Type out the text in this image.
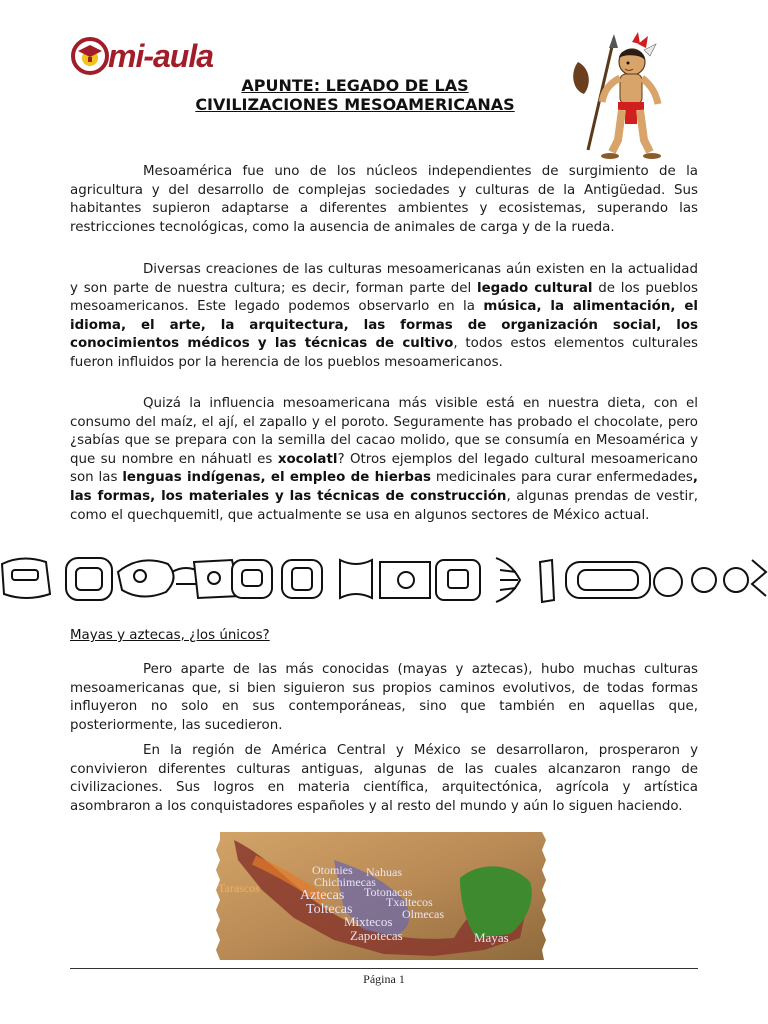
mi-aula
APUNTE: LEGADO DE LAS
CIVILIZACIONES MESOAMERICANAS

Mesoamérica fue uno de los núcleos independientes de surgimiento de la agricultura y del desarrollo de complejas sociedades y culturas de la Antigüedad. Sus habitantes supieron adaptarse a diferentes ambientes y ecosistemas, superando las restricciones tecnológicas, como la ausencia de animales de carga y de la rueda.

Diversas creaciones de las culturas mesoamericanas aún existen en la actualidad y son parte de nuestra cultura; es decir, forman parte del legado cultural de los pueblos mesoamericanos. Este legado podemos observarlo en la música, la alimentación, el idioma, el arte, la arquitectura, las formas de organización social, los conocimientos médicos y las técnicas de cultivo, todos estos elementos culturales fueron influidos por la herencia de los pueblos mesoamericanos.

Quizá la influencia mesoamericana más visible está en nuestra dieta, con el consumo del maíz, el ají, el zapallo y el poroto. Seguramente has probado el chocolate, pero ¿sabías que se prepara con la semilla del cacao molido, que se consumía en Mesoamérica y que su nombre en náhuatl es xocolatl? Otros ejemplos del legado cultural mesoamericano son las lenguas indígenas, el empleo de hierbas medicinales para curar enfermedades, las formas, los materiales y las técnicas de construcción, algunas prendas de vestir, como el quechquemitl, que actualmente se usa en algunos sectores de México actual.

Mayas y aztecas, ¿los únicos?

Pero aparte de las más conocidas (mayas y aztecas), hubo muchas culturas mesoamericanas que, si bien siguieron sus propios caminos evolutivos, de todas formas influyeron no solo en sus contemporáneas, sino que también en aquellas que, posteriormente, las sucedieron.

En la región de América Central y México se desarrollaron, prosperaron y convivieron diferentes culturas antiguas, algunas de las cuales alcanzaron rango de civilizaciones. Sus logros en materia científica, arquitectónica, agrícola y artística asombraron a los conquistadores españoles y al resto del mundo y aún lo siguen haciendo.

Otomies Nahuas
Chichimecas
Tarascos	Aztecas Totonacas
Toltecas	Txaltecos
Olmecas
Mixtecos
Zapotecas	Mayas
Página 1
